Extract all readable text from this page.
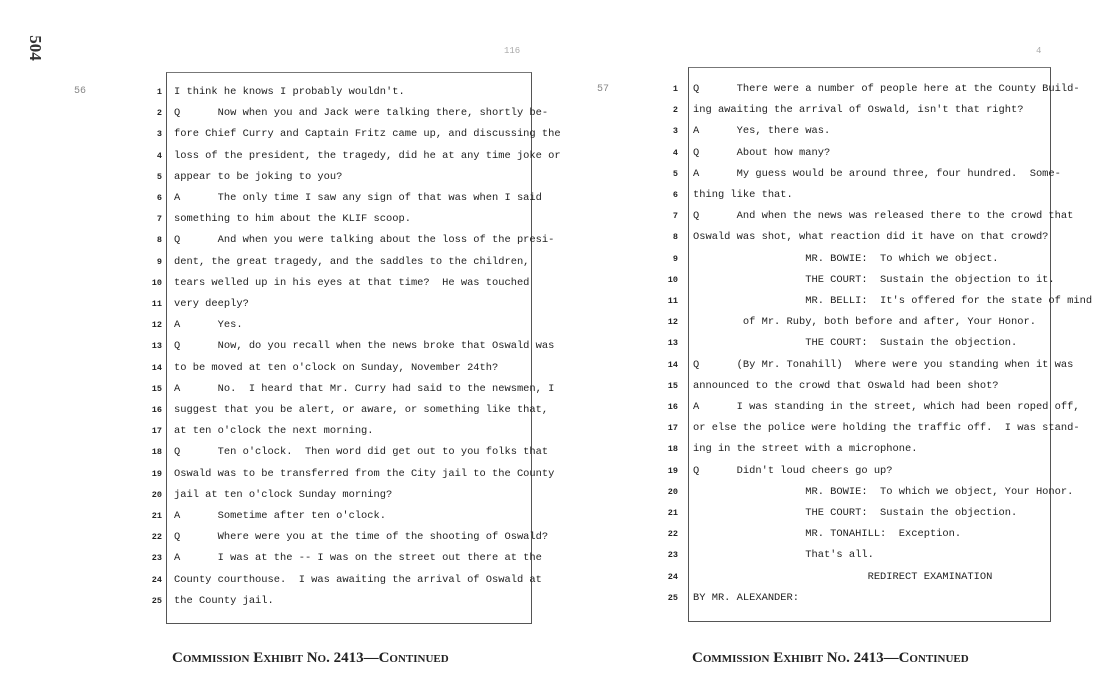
504
56
116
1 I think he knows I probably wouldn't.
2 Q      Now when you and Jack were talking there, shortly be-
3 fore Chief Curry and Captain Fritz came up, and discussing the
4 loss of the president, the tragedy, did he at any time joke or
5 appear to be joking to you?
6 A      The only time I saw any sign of that was when I said
7 something to him about the KLIF scoop.
8 Q      And when you were talking about the loss of the presi-
9 dent, the great tragedy, and the saddles to the children,
10 tears welled up in his eyes at that time?  He was touched
11 very deeply?
12 A      Yes.
13 Q      Now, do you recall when the news broke that Oswald was
14 to be moved at ten o'clock on Sunday, November 24th?
15 A      No.  I heard that Mr. Curry had said to the newsmen, I
16 suggest that you be alert, or aware, or something like that,
17 at ten o'clock the next morning.
18 Q      Ten o'clock.  Then word did get out to you folks that
19 Oswald was to be transferred from the City jail to the County
20 jail at ten o'clock Sunday morning?
21 A      Sometime after ten o'clock.
22 Q      Where were you at the time of the shooting of Oswald?
23 A      I was at the -- I was on the street out there at the
24 County courthouse.  I was awaiting the arrival of Oswald at
25 the County jail.
Commission Exhibit No. 2413—Continued
57
4
1 Q      There were a number of people here at the County Build-
2 ing awaiting the arrival of Oswald, isn't that right?
3 A      Yes, there was.
4 Q      About how many?
5 A      My guess would be around three, four hundred.  Some-
6 thing like that.
7 Q      And when the news was released there to the crowd that
8 Oswald was shot, what reaction did it have on that crowd?
9 MR. BOWIE:  To which we object.
10 THE COURT:  Sustain the objection to it.
11 MR. BELLI:  It's offered for the state of mind
12 of Mr. Ruby, both before and after, Your Honor.
13 THE COURT:  Sustain the objection.
14 Q      (By Mr. Tonahill)  Where were you standing when it was
15 announced to the crowd that Oswald had been shot?
16 A      I was standing in the street, which had been roped off,
17 or else the police were holding the traffic off.  I was stand-
18 ing in the street with a microphone.
19 Q      Didn't loud cheers go up?
20 MR. BOWIE:  To which we object, Your Honor.
21 THE COURT:  Sustain the objection.
22 MR. TONAHILL:  Exception.
23 That's all.
24 REDIRECT EXAMINATION
25 BY MR. ALEXANDER:
Commission Exhibit No. 2413—Continued
